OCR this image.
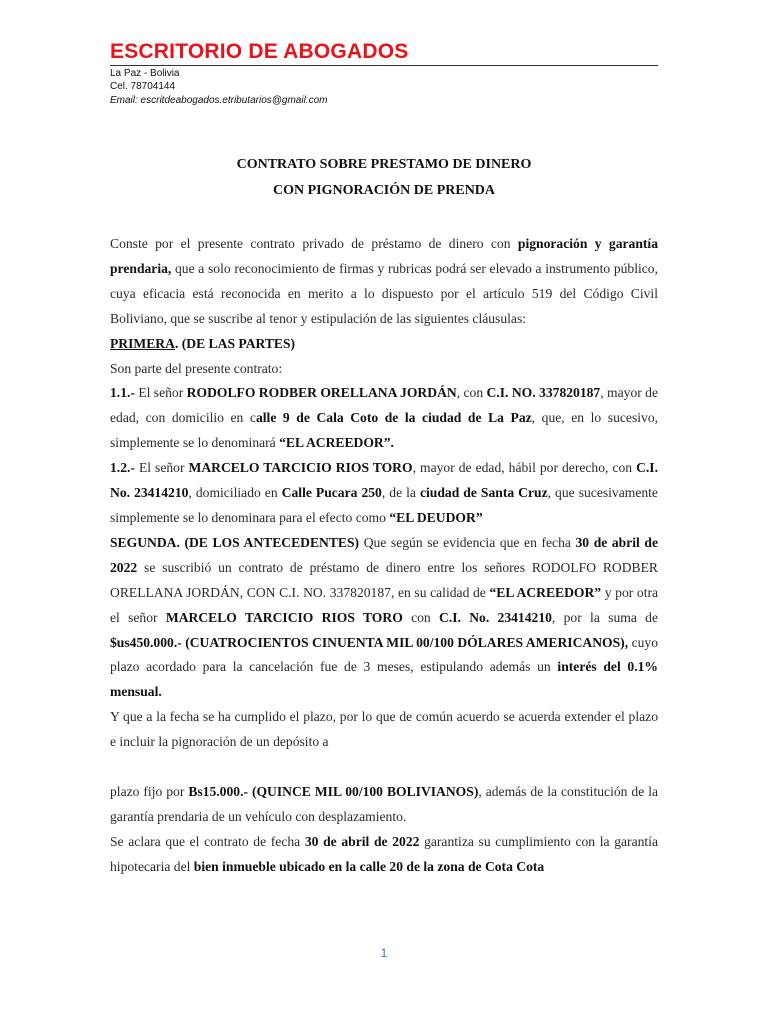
ESCRITORIO DE ABOGADOS
La Paz - Bolivia
Cel. 78704144
Email: escritdeabogados.etributarios@gmail.com
CONTRATO SOBRE PRESTAMO DE DINERO
CON PIGNORACIÓN DE PRENDA

Conste por el presente contrato privado de préstamo de dinero con pignoración y garantía prendaria, que a solo reconocimiento de firmas y rubricas podrá ser elevado a instrumento público, cuya eficacia está reconocida en merito a lo dispuesto por el artículo 519 del Código Civil Boliviano, que se suscribe al tenor y estipulación de las siguientes cláusulas:

PRIMERA. (DE LAS PARTES)

Son parte del presente contrato:

1.1.- El señor RODOLFO RODBER ORELLANA JORDÁN, con C.I. NO. 337820187, mayor de edad, con domicilio en calle 9 de Cala Coto de la ciudad de La Paz, que, en lo sucesivo, simplemente se lo denominará “EL ACREEDOR”.

1.2.- El señor MARCELO TARCICIO RIOS TORO, mayor de edad, hábil por derecho, con C.I. No. 23414210, domiciliado en Calle Pucara 250, de la ciudad de Santa Cruz, que sucesivamente simplemente se lo denominara para el efecto como “EL DEUDOR”

SEGUNDA. (DE LOS ANTECEDENTES) Que según se evidencia que en fecha 30 de abril de 2022 se suscribió un contrato de préstamo de dinero entre los señores RODOLFO RODBER ORELLANA JORDÁN, CON C.I. NO. 337820187, en su calidad de “EL ACREEDOR” y por otra el señor MARCELO TARCICIO RIOS TORO con C.I. No. 23414210, por la suma de $us450.000.- (CUATROCIENTOS CINUENTA MIL 00/100 DÓLARES AMERICANOS), cuyo plazo acordado para la cancelación fue de 3 meses, estipulando además un interés del 0.1% mensual.

Y que a la fecha se ha cumplido el plazo, por lo que de común acuerdo se acuerda extender el plazo e incluir la pignoración de un depósito a

plazo fijo por Bs15.000.- (QUINCE MIL 00/100 BOLIVIANOS), además de la constitución de la garantía prendaria de un vehículo con desplazamiento.

Se aclara que el contrato de fecha 30 de abril de 2022 garantiza su cumplimiento con la garantía hipotecaria del bien inmueble ubicado en la calle 20 de la zona de Cota Cota

1
